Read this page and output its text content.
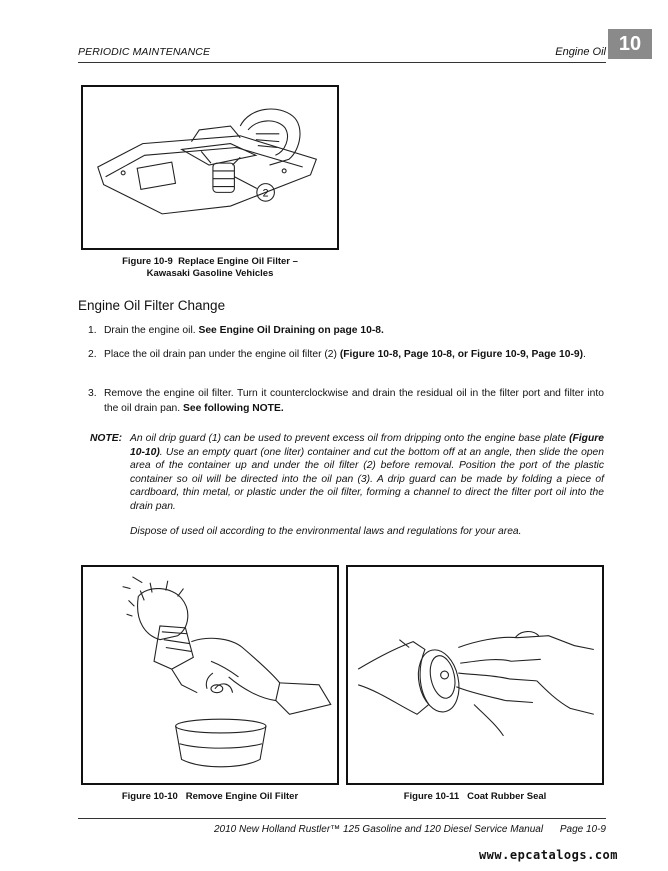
PERIODIC MAINTENANCE	Engine Oil 10
2
Figure 10-9 Replace Engine Oil Filter –
Kawasaki Gasoline Vehicles
Engine Oil Filter Change
1. Drain the engine oil. See Engine Oil Draining on page 10-8.
2. Place the oil drain pan under the engine oil filter (2) (Figure 10-8, Page 10-8, or Figure 10-9, Page 10-9).
3. Remove the engine oil filter. Turn it counterclockwise and drain the residual oil in the filter port and filter into the oil drain pan. See following NOTE.
NOTE: An oil drip guard (1) can be used to prevent excess oil from dripping onto the engine base plate (Figure 10-10). Use an empty quart (one liter) container and cut the bottom off at an angle, then slide the open area of the container up and under the oil filter (2) before removal. Position the port of the plastic container so oil will be directed into the oil pan (3). A drip guard can be made by folding a piece of cardboard, thin metal, or plastic under the oil filter, forming a channel to direct the filter port oil into the drain pan.
Dispose of used oil according to the environmental laws and regulations for your area.
Figure 10-10 Remove Engine Oil Filter	Figure 10-11 Coat Rubber Seal
2010 New Holland Rustler™ 125 Gasoline and 120 Diesel Service Manual Page 10-9
www.epcatalogs.com
